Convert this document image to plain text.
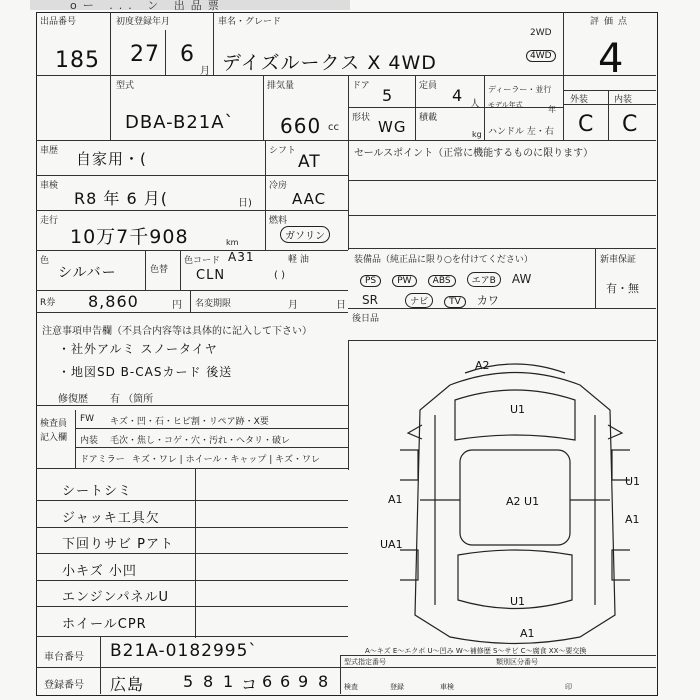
oー ... ン 出品票
出品番号
185
初度登録年月
27 6
月
車名・グレード
デイズルークス X 4WD
2WD
4WD
評価点
4
外装	内装
C C
型式
DBA-B21A`
排気量
660 cc
ドア 5	定員 4 人
ディーラー・並行
モデル年式	年
形状 WG 積載
kg ハンドル 左・右
車歴 自家用・(	シフト
AT
車検
R8 年 6 月(	日)
冷房
AAC
走行
10万7千908	km
燃料
ガソリン
色
シルバー	色替
色コード A31
CLN
軽 油
( )
R券 8,860	円 名変期限	月	日
セールスポイント（正常に機能するものに限ります）
装備品（純正品に限り○を付けてください）	新車保証
有・無
PS PW ABS エアB AW
SR	ナビ TV カワ
後日品
注意事項申告欄（不具合内容等は具体的に記入して下さい）
・社外アルミ スノータイヤ
・地図SD B-CASカード 後送
修復歴 有 （箇所
検査員
記入欄
FW キズ・凹・石・ヒビ割・リペア跡・X要
内装 毛次・焦し・コゲ・穴・汚れ・ヘタリ・破レ
ドアミラー キズ・ワレ | ホイール・キャップ | キズ・ワレ
シートシミ
ジャッキ工具欠
下回りサビ Pアト
小キズ 小凹
エンジンパネルU
ホイールCPR
A2
U1
A1
U1
A2 U1
A1
U1
UA1
A1
A〜キズ E〜エクボ U〜凹み W〜補修歴 S〜サビ C〜腐食 XX〜要交換
車台番号 B21A-0182995`
登録番号 広島 5 8 1 コ 6 6 9 8
型式指定番号	類別区分番号
検査	登録	車検	印
